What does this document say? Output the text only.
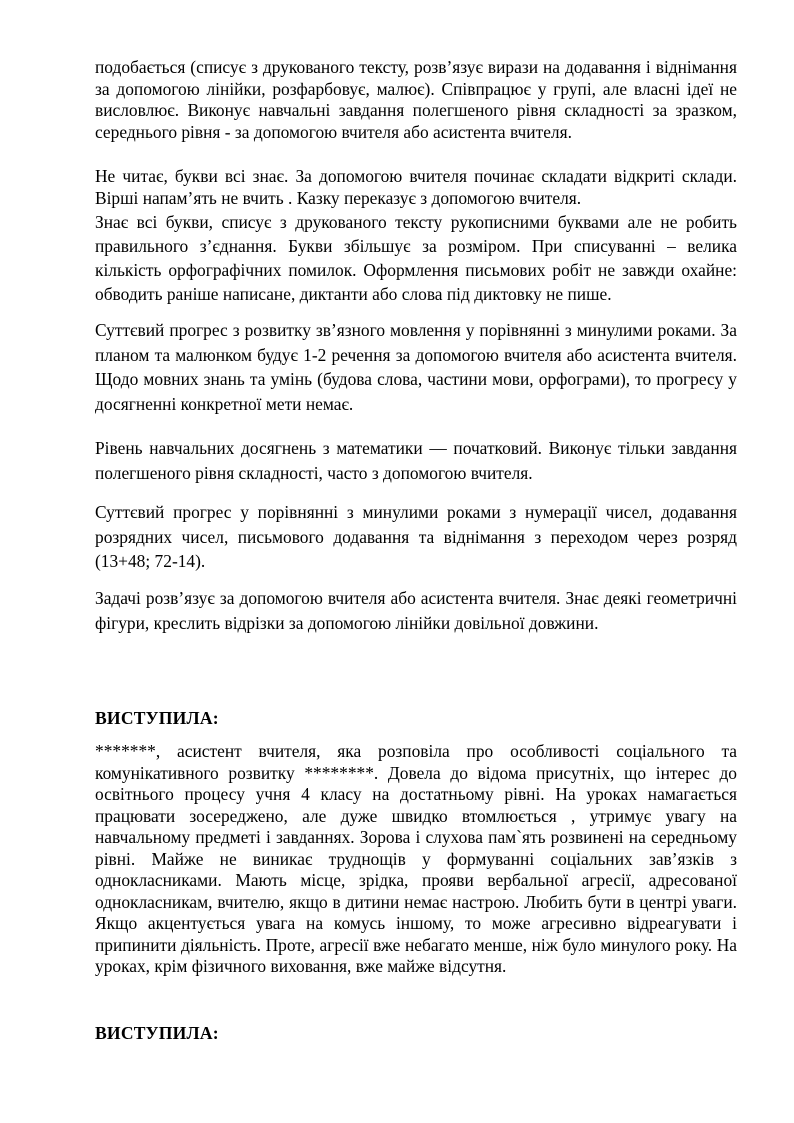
подобається (списує з друкованого тексту, розв’язує вирази на додавання і віднімання за допомогою лінійки, розфарбовує, малює). Співпрацює у групі, але власні ідеї не висловлює. Виконує навчальні завдання полегшеного рівня складності за зразком, середнього рівня - за допомогою вчителя або асистента вчителя.

Не читає, букви всі знає. За допомогою вчителя починає складати відкриті склади. Вірші напам’ять не вчить . Казку переказує з допомогою вчителя.

Знає всі букви, списує з друкованого тексту рукописними буквами але не робить правильного з’єднання. Букви збільшує за розміром. При списуванні – велика кількість орфографічних помилок. Оформлення письмових робіт не завжди охайне: обводить раніше написане, диктанти або слова під диктовку не пише.

Суттєвий прогрес з розвитку зв’язного мовлення у порівнянні з минулими роками. За планом та малюнком будує 1-2 речення за допомогою вчителя або асистента вчителя. Щодо мовних знань та умінь (будова слова, частини мови, орфограми), то прогресу у досягненні конкретної мети немає.

Рівень навчальних досягнень з математики — початковий. Виконує тільки завдання полегшеного рівня складності, часто з допомогою вчителя.

Суттєвий прогрес у порівнянні з минулими роками з нумерації чисел, додавання розрядних чисел, письмового додавання та віднімання з переходом через розряд (13+48; 72-14).

Задачі розв’язує за допомогою вчителя або асистента вчителя. Знає деякі геометричні фігури, креслить відрізки за допомогою лінійки довільної довжини.

ВИСТУПИЛА:

*******, асистент вчителя, яка розповіла про особливості соціального та комунікативного розвитку ********. Довела до відома присутніх, що інтерес до освітнього процесу учня 4 класу на достатньому рівні. На уроках намагається працювати зосереджено, але дуже швидко втомлюється , утримує увагу на навчальному предметі і завданнях. Зорова і слухова пам`ять розвинені на середньому рівні. Майже не виникає труднощів у формуванні соціальних зав’язків з однокласниками. Мають місце, зрідка, прояви вербальної агресії, адресованої однокласникам, вчителю, якщо в дитини немає настрою. Любить бути в центрі уваги. Якщо акцентується увага на комусь іншому, то може агресивно відреагувати і припинити діяльність. Проте, агресії вже небагато менше, ніж було минулого року. На уроках, крім фізичного виховання, вже майже відсутня.

ВИСТУПИЛА:
